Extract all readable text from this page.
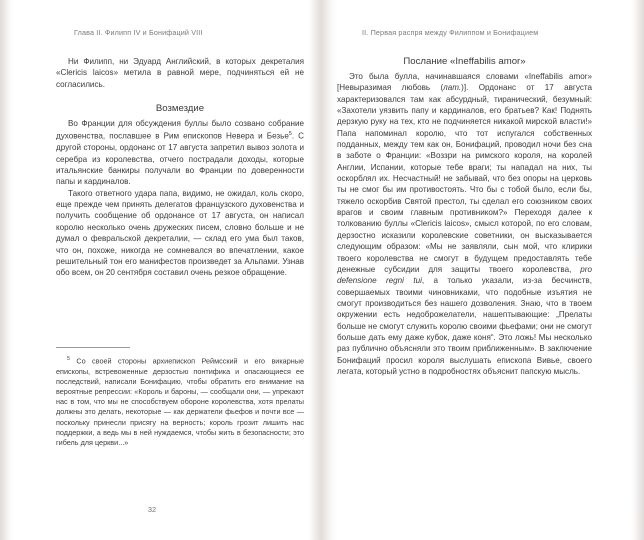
Глава II. Филипп IV и Бонифаций VIII	II. Первая распря между Филиппом и Бонифацием

Ни Филипп, ни Эдуард Английский, в которых декреталия «Clericis laicos» метила в равной мере, подчиняться ей не согласились.

Возмездие

Во Франции для обсуждения буллы было созвано собрание духовенства, пославшее в Рим епископов Невера и Безье$^5$. С другой стороны, ордонанс от 17 августа запретил вывоз золота и серебра из королевства, отчего пострадали доходы, которые итальянские банкиры получали во Франции по доверенности папы и кардиналов.

Такого ответного удара папа, видимо, не ожидал, коль скоро, еще прежде чем принять делегатов французского духовенства и получить сообщение об ордонансе от 17 августа, он написал королю несколько очень дружеских писем, словно больше и не думал о февральской декреталии, — склад его ума был таков, что он, похоже, никогда не сомневался во впечатлении, какое решительный тон его манифестов произведет за Альпами. Узнав обо всем, он 20 сентября составил очень резкое обращение.

$^5$ Со своей стороны архиепископ Реймсский и его викарные епископы, встревоженные дерзостью понтифика и опасающиеся ее последствий, написали Бонифацию, чтобы обратить его внимание на вероятные репрессии: «Король и бароны, — сообщали они, — упрекают нас в том, что мы не способствуем обороне королевства, хотя прелаты должны это делать, некоторые — как держатели фьефов и почти все — поскольку принесли присягу на верность; король грозит лишить нас поддержки, а ведь мы в ней нуждаемся, чтобы жить в безопасности; это гибель для церкви...»

32
Послание «Ineffabilis amor»

Это была булла, начинавшаяся словами «Ineffabilis amor» [Невыразимая любовь (лат.)]. Ордонанс от 17 августа характеризовался там как абсурдный, тиранический, безумный: «Захотели уязвить папу и кардиналов, его братьев? Как! Поднять дерзкую руку на тех, кто не подчиняется никакой мирской власти!» Папа напоминал королю, что тот испугался собственных подданных, между тем как он, Бонифаций, проводил ночи без сна в заботе о Франции: «Воззри на римского короля, на королей Англии, Испании, которые тебе враги; ты нападал на них, ты оскорблял их. Несчастный! не забывай, что без опоры на церковь ты не смог бы им противостоять. Что бы с тобой было, если бы, тяжело оскорбив Святой престол, ты сделал его союзником своих врагов и своим главным противником?» Переходя далее к толкованию буллы «Clericis laicos», смысл которой, по его словам, дерзостно исказили королевские советники, он высказывается следующим образом: «Мы не заявляли, сын мой, что клирики твоего королевства не смогут в будущем предоставлять тебе денежные субсидии для защиты твоего королевства, pro defensione regni tui, а только указали, из-за бесчинств, совершаемых твоими чиновниками, что подобные изъятия не смогут производиться без нашего дозволения. Знаю, что в твоем окружении есть недоброжелатели, нашептывающие: „Прелаты больше не смогут служить королю своими фьефами; они не смогут больше дать ему даже кубок, даже коня“. Это ложь! Мы несколько раз публично объясняли это твоим приближенным». В заключение Бонифаций просил короля выслушать епископа Вивье, своего легата, который устно в подробностях объяснит папскую мысль.
